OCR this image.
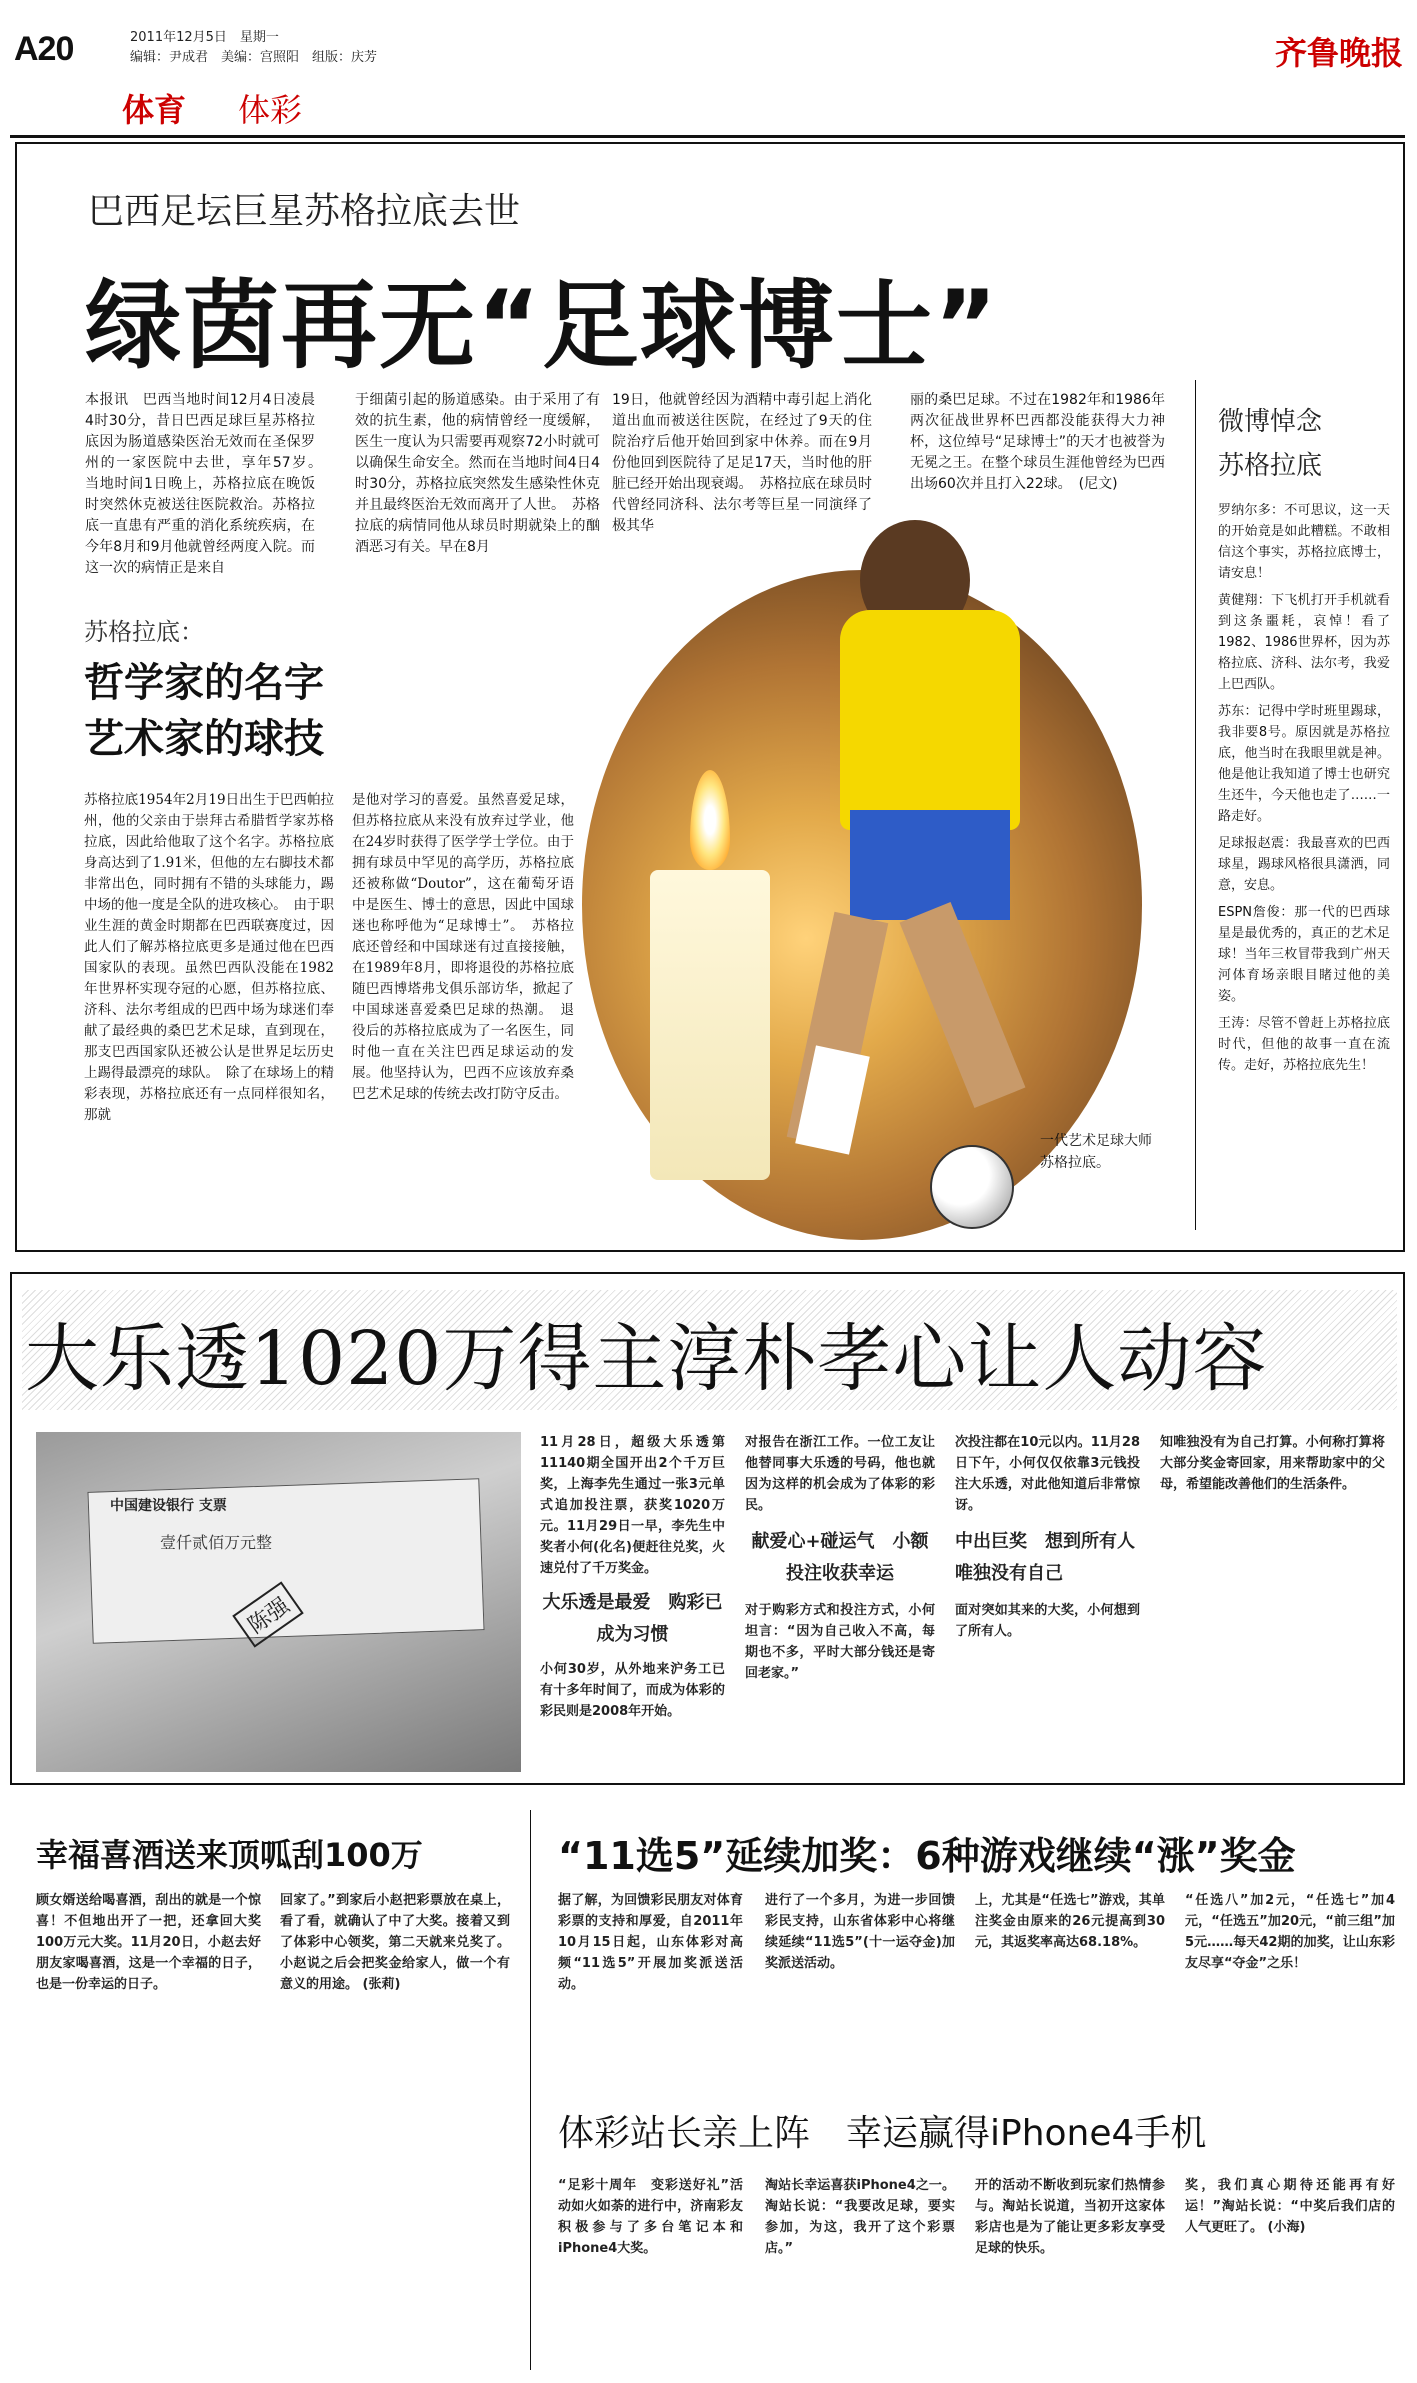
A20	2011年12月5日　星期一
编辑：尹成君　美编：宫照阳　组版：庆芳	齐鲁晚报
体育 体彩
巴西足坛巨星苏格拉底去世
绿茵再无“足球博士”
本报讯　巴西当地时间12月4日凌晨4时30分，昔日巴西足球巨星苏格拉底因为肠道感染医治无效而在圣保罗州的一家医院中去世，享年57岁。　当地时间1日晚上，苏格拉底在晚饭时突然休克被送往医院救治。苏格拉底一直患有严重的消化系统疾病，在今年8月和9月他就曾经两度入院。而这一次的病情正是来自
于细菌引起的肠道感染。由于采用了有效的抗生素，他的病情曾经一度缓解，医生一度认为只需要再观察72小时就可以确保生命安全。然而在当地时间4日4时30分，苏格拉底突然发生感染性休克并且最终医治无效而离开了人世。　苏格拉底的病情同他从球员时期就染上的酗酒恶习有关。早在8月
19日，他就曾经因为酒精中毒引起上消化道出血而被送往医院，在经过了9天的住院治疗后他开始回到家中休养。而在9月份他回到医院待了足足17天，当时他的肝脏已经开始出现衰竭。　苏格拉底在球员时代曾经同济科、法尔考等巨星一同演绎了极其华
丽的桑巴足球。不过在1982年和1986年两次征战世界杯巴西都没能获得大力神杯，这位绰号“足球博士”的天才也被誉为无冕之王。在整个球员生涯他曾经为巴西出场60次并且打入22球。　(尼文)
苏格拉底：
哲学家的名字
艺术家的球技
苏格拉底1954年2月19日出生于巴西帕拉州，他的父亲由于崇拜古希腊哲学家苏格拉底，因此给他取了这个名字。苏格拉底身高达到了1.91米，但他的左右脚技术都非常出色，同时拥有不错的头球能力，踢中场的他一度是全队的进攻核心。　由于职业生涯的黄金时期都在巴西联赛度过，因此人们了解苏格拉底更多是通过他在巴西国家队的表现。虽然巴西队没能在1982年世界杯实现夺冠的心愿，但苏格拉底、济科、法尔考组成的巴西中场为球迷们奉献了最经典的桑巴艺术足球，直到现在，那支巴西国家队还被公认是世界足坛历史上踢得最漂亮的球队。　除了在球场上的精彩表现，苏格拉底还有一点同样很知名，那就
是他对学习的喜爱。虽然喜爱足球，但苏格拉底从来没有放弃过学业，他在24岁时获得了医学学士学位。由于拥有球员中罕见的高学历，苏格拉底还被称做“Doutor”，这在葡萄牙语中是医生、博士的意思，因此中国球迷也称呼他为“足球博士”。　苏格拉底还曾经和中国球迷有过直接接触，在1989年8月，即将退役的苏格拉底随巴西博塔弗戈俱乐部访华，掀起了中国球迷喜爱桑巴足球的热潮。　退役后的苏格拉底成为了一名医生，同时他一直在关注巴西足球运动的发展。他坚持认为，巴西不应该放弃桑巴艺术足球的传统去改打防守反击。
一代艺术足球大师苏格拉底。
微博悼念
苏格拉底

罗纳尔多：不可思议，这一天的开始竟是如此糟糕。不敢相信这个事实，苏格拉底博士，请安息！

黄健翔：下飞机打开手机就看到这条噩耗，哀悼！看了1982、1986世界杯，因为苏格拉底、济科、法尔考，我爱上巴西队。

苏东：记得中学时班里踢球，我非要8号。原因就是苏格拉底，他当时在我眼里就是神。他是他让我知道了博士也研究生还牛，今天他也走了……一路走好。

足球报赵震：我最喜欢的巴西球星，踢球风格很具潇洒，同意，安息。

ESPN詹俊：那一代的巴西球星是最优秀的，真正的艺术足球！当年三枚冒带我到广州天河体育场亲眼目睹过他的美姿。

王涛：尽管不曾赶上苏格拉底时代，但他的故事一直在流传。走好，苏格拉底先生！

大乐透1020万得主淳朴孝心让人动容
中国建设银行 支票
壹仟贰佰万元整
陈强
11月28日，超级大乐透第11140期全国开出2个千万巨奖，上海李先生通过一张3元单式追加投注票，获奖1020万元。11月29日一早，李先生中奖者小何(化名)便赶往兑奖，火速兑付了千万奖金。
大乐透是最爱　购彩已成为习惯
小何30岁，从外地来沪务工已有十多年时间了，而成为体彩的彩民则是2008年开始。
对报告在浙江工作。一位工友让他替同事大乐透的号码，他也就因为这样的机会成为了体彩的彩民。
献爱心+碰运气　小额投注收获幸运
对于购彩方式和投注方式，小何坦言：“因为自己收入不高，每期也不多，平时大部分钱还是寄回老家。”
次投注都在10元以内。11月28日下午，小何仅仅依靠3元钱投注大乐透，对此他知道后非常惊讶。
中出巨奖　想到所有人唯独没有自己
面对突如其来的大奖，小何想到了所有人。
知唯独没有为自己打算。小何称打算将大部分奖金寄回家，用来帮助家中的父母，希望能改善他们的生活条件。
幸福喜酒送来顶呱刮100万
顾女婿送给喝喜酒，刮出的就是一个惊喜！不但地出开了一把，还拿回大奖100万元大奖。11月20日，小赵去好朋友家喝喜酒，这是一个幸福的日子，也是一份幸运的日子。
回家了。”到家后小赵把彩票放在桌上，看了看，就确认了中了大奖。接着又到了体彩中心领奖，第二天就来兑奖了。小赵说之后会把奖金给家人，做一个有意义的用途。 (张莉)
“11选5”延续加奖：6种游戏继续“涨”奖金
据了解，为回馈彩民朋友对体育彩票的支持和厚爱，自2011年10月15日起，山东体彩对高频“11选5”开展加奖派送活动。
进行了一个多月，为进一步回馈彩民支持，山东省体彩中心将继续延续“11选5”(十一运夺金)加奖派送活动。
上，尤其是“任选七”游戏，其单注奖金由原来的26元提高到30元，其返奖率高达68.18%。
“任选八”加2元，“任选七”加4元，“任选五”加20元，“前三组”加5元……每天42期的加奖，让山东彩友尽享“夺金”之乐！
体彩站长亲上阵　幸运赢得iPhone4手机
“足彩十周年　变彩送好礼”活动如火如荼的进行中，济南彩友积极参与了多台笔记本和iPhone4大奖。
淘站长幸运喜获iPhone4之一。淘站长说：“我要改足球，要实参加，为这，我开了这个彩票店。”
开的活动不断收到玩家们热情参与。淘站长说道，当初开这家体彩店也是为了能让更多彩友享受足球的快乐。
奖，我们真心期待还能再有好运！”淘站长说：“中奖后我们店的人气更旺了。 (小海)
